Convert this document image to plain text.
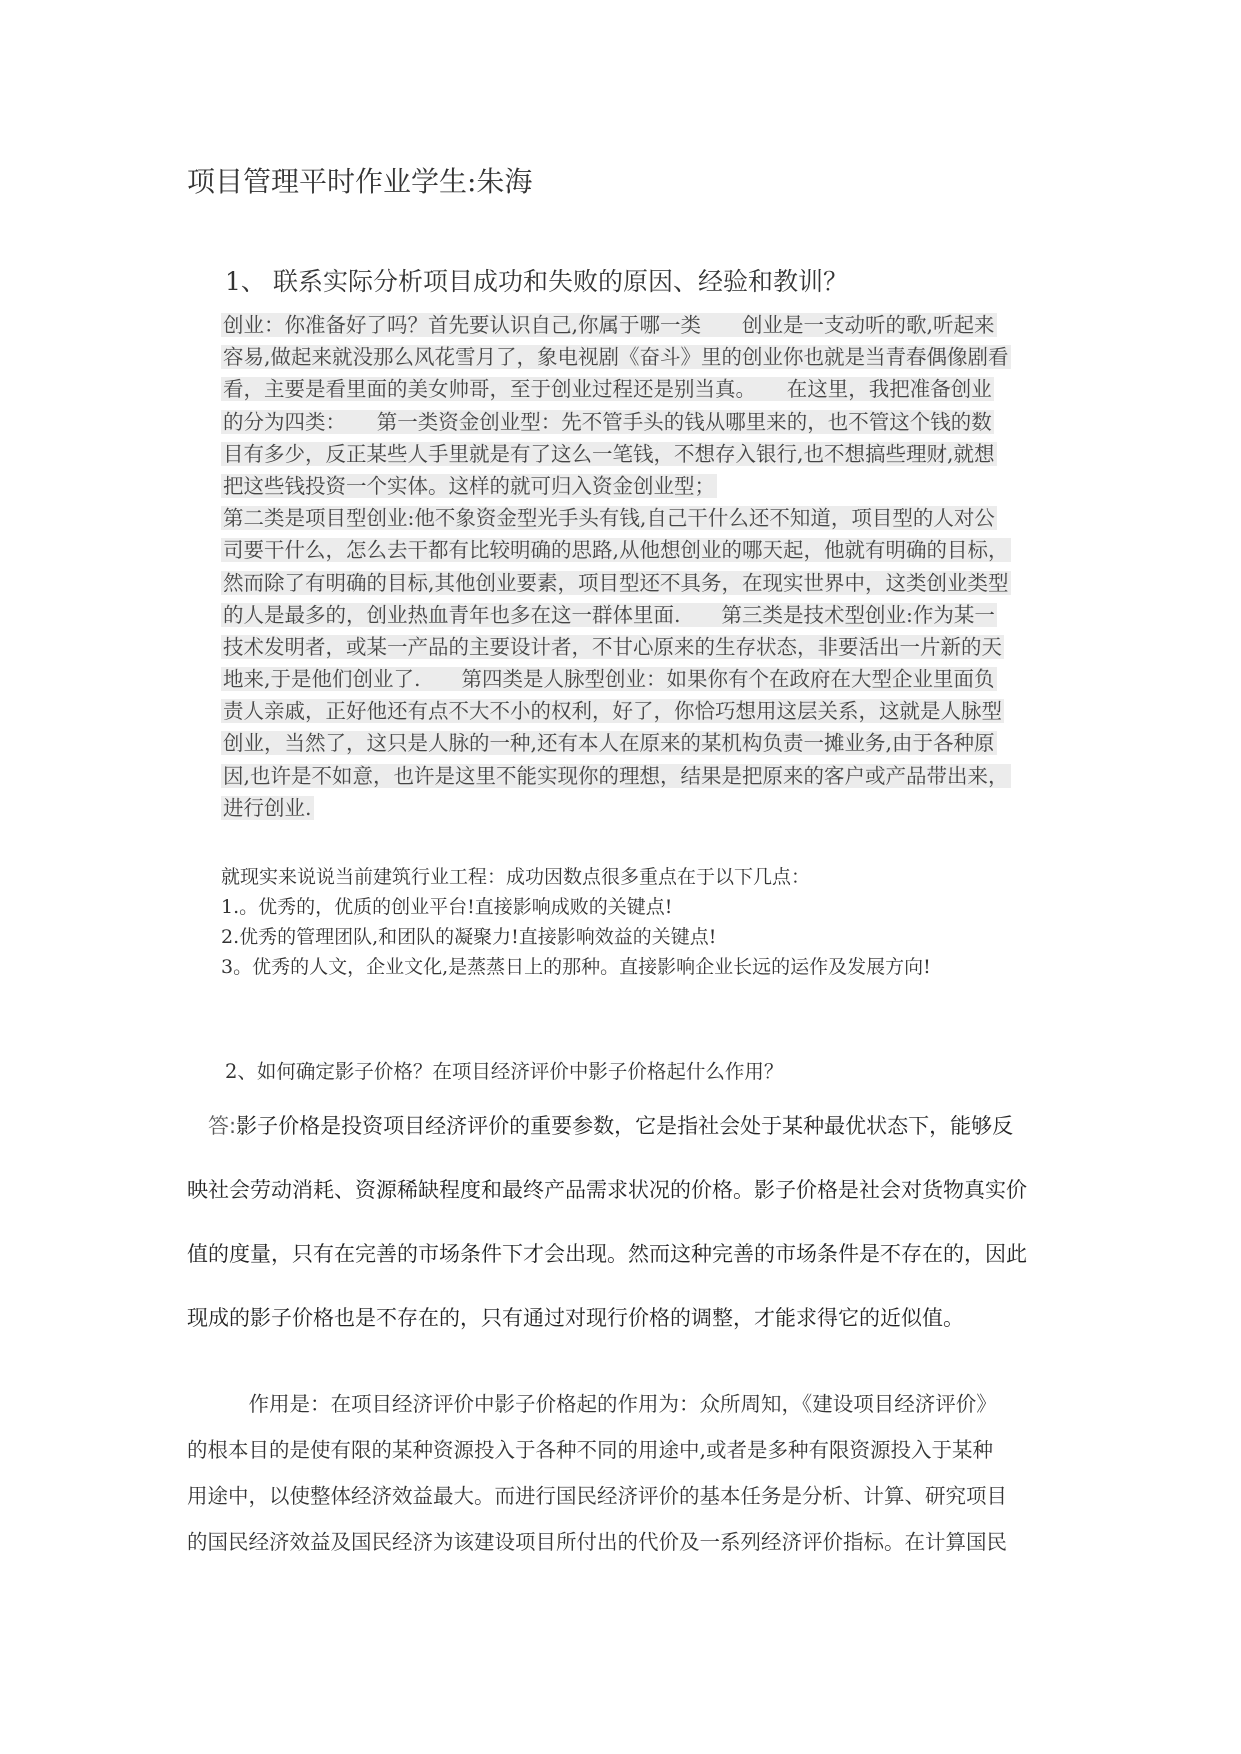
项目管理平时作业学生:朱海
1、 联系实际分析项目成功和失败的原因、经验和教训？
创业：你准备好了吗？首先要认识自己,你属于哪一类　　创业是一支动听的歌,听起来
容易,做起来就没那么风花雪月了，象电视剧《奋斗》里的创业你也就是当青春偶像剧看
看，主要是看里面的美女帅哥，至于创业过程还是别当真。　　在这里，我把准备创业
的分为四类：　　第一类资金创业型：先不管手头的钱从哪里来的，也不管这个钱的数
目有多少，反正某些人手里就是有了这么一笔钱，不想存入银行,也不想搞些理财,就想
把这些钱投资一个实体。这样的就可归入资金创业型；
第二类是项目型创业:他不象资金型光手头有钱,自己干什么还不知道，项目型的人对公
司要干什么，怎么去干都有比较明确的思路,从他想创业的哪天起，他就有明确的目标，
然而除了有明确的目标,其他创业要素，项目型还不具务，在现实世界中，这类创业类型
的人是最多的，创业热血青年也多在这一群体里面.　　第三类是技术型创业:作为某一
技术发明者，或某一产品的主要设计者，不甘心原来的生存状态，非要活出一片新的天
地来,于是他们创业了.　　第四类是人脉型创业：如果你有个在政府在大型企业里面负
责人亲戚，正好他还有点不大不小的权利，好了，你恰巧想用这层关系，这就是人脉型
创业，当然了，这只是人脉的一种,还有本人在原来的某机构负责一摊业务,由于各种原
因,也许是不如意，也许是这里不能实现你的理想，结果是把原来的客户或产品带出来，
进行创业.
就现实来说说当前建筑行业工程：成功因数点很多重点在于以下几点：
1.。优秀的，优质的创业平台!直接影响成败的关键点!
2.优秀的管理团队,和团队的凝聚力!直接影响效益的关键点!
3。优秀的人文，企业文化,是蒸蒸日上的那种。直接影响企业长远的运作及发展方向!
2、如何确定影子价格？在项目经济评价中影子价格起什么作用？
 答:影子价格是投资项目经济评价的重要参数，它是指社会处于某种最优状态下，能够反
映社会劳动消耗、资源稀缺程度和最终产品需求状况的价格。影子价格是社会对货物真实价
值的度量，只有在完善的市场条件下才会出现。然而这种完善的市场条件是不存在的，因此
现成的影子价格也是不存在的，只有通过对现行价格的调整，才能求得它的近似值。
   作用是：在项目经济评价中影子价格起的作用为：众所周知，《建设项目经济评价》
的根本目的是使有限的某种资源投入于各种不同的用途中,或者是多种有限资源投入于某种
用途中，以使整体经济效益最大。而进行国民经济评价的基本任务是分析、计算、研究项目
的国民经济效益及国民经济为该建设项目所付出的代价及一系列经济评价指标。在计算国民
